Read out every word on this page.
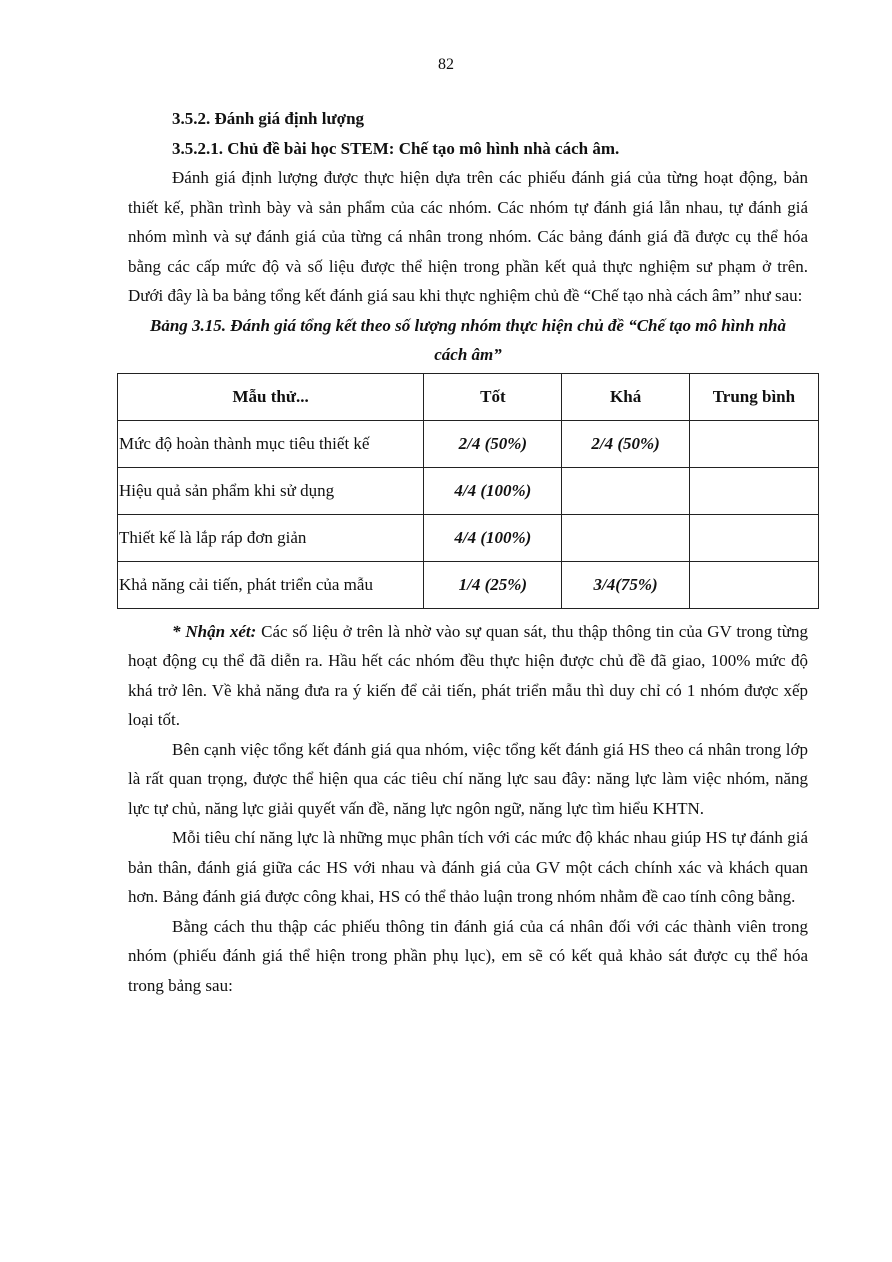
82

3.5.2. Đánh giá định lượng

3.5.2.1. Chủ đề bài học STEM: Chế tạo mô hình nhà cách âm.

Đánh giá định lượng được thực hiện dựa trên các phiếu đánh giá của từng hoạt động, bản thiết kế, phần trình bày và sản phẩm của các nhóm. Các nhóm tự đánh giá lẫn nhau, tự đánh giá nhóm mình và sự đánh giá của từng cá nhân trong nhóm. Các bảng đánh giá đã được cụ thể hóa bằng các cấp mức độ và số liệu được thể hiện trong phần kết quả thực nghiệm sư phạm ở trên. Dưới đây là ba bảng tổng kết đánh giá sau khi thực nghiệm chủ đề “Chế tạo nhà cách âm” như sau:

Bảng 3.15. Đánh giá tổng kết theo số lượng nhóm thực hiện chủ đề “Chế tạo mô hình nhà cách âm”

Mẫu thử...	Tốt	Khá	Trung bình
Mức độ hoàn thành mục tiêu thiết kế	2/4 (50%)	2/4 (50%)	
Hiệu quả sản phẩm khi sử dụng	4/4 (100%)		
Thiết kế là lắp ráp đơn giản	4/4 (100%)		
Khả năng cải tiến, phát triển của mẫu	1/4 (25%)	3/4(75%)	

* Nhận xét: Các số liệu ở trên là nhờ vào sự quan sát, thu thập thông tin của GV trong từng hoạt động cụ thể đã diễn ra. Hầu hết các nhóm đều thực hiện được chủ đề đã giao, 100% mức độ khá trở lên. Về khả năng đưa ra ý kiến để cải tiến, phát triển mẫu thì duy chỉ có 1 nhóm được xếp loại tốt.

Bên cạnh việc tổng kết đánh giá qua nhóm, việc tổng kết đánh giá HS theo cá nhân trong lớp là rất quan trọng, được thể hiện qua các tiêu chí năng lực sau đây: năng lực làm việc nhóm, năng lực tự chủ, năng lực giải quyết vấn đề, năng lực ngôn ngữ, năng lực tìm hiểu KHTN.

Mỗi tiêu chí năng lực là những mục phân tích với các mức độ khác nhau giúp HS tự đánh giá bản thân, đánh giá giữa các HS với nhau và đánh giá của GV một cách chính xác và khách quan hơn. Bảng đánh giá được công khai, HS có thể thảo luận trong nhóm nhằm đề cao tính công bằng.

Bằng cách thu thập các phiếu thông tin đánh giá của cá nhân đối với các thành viên trong nhóm (phiếu đánh giá thể hiện trong phần phụ lục), em sẽ có kết quả khảo sát được cụ thể hóa trong bảng sau:
